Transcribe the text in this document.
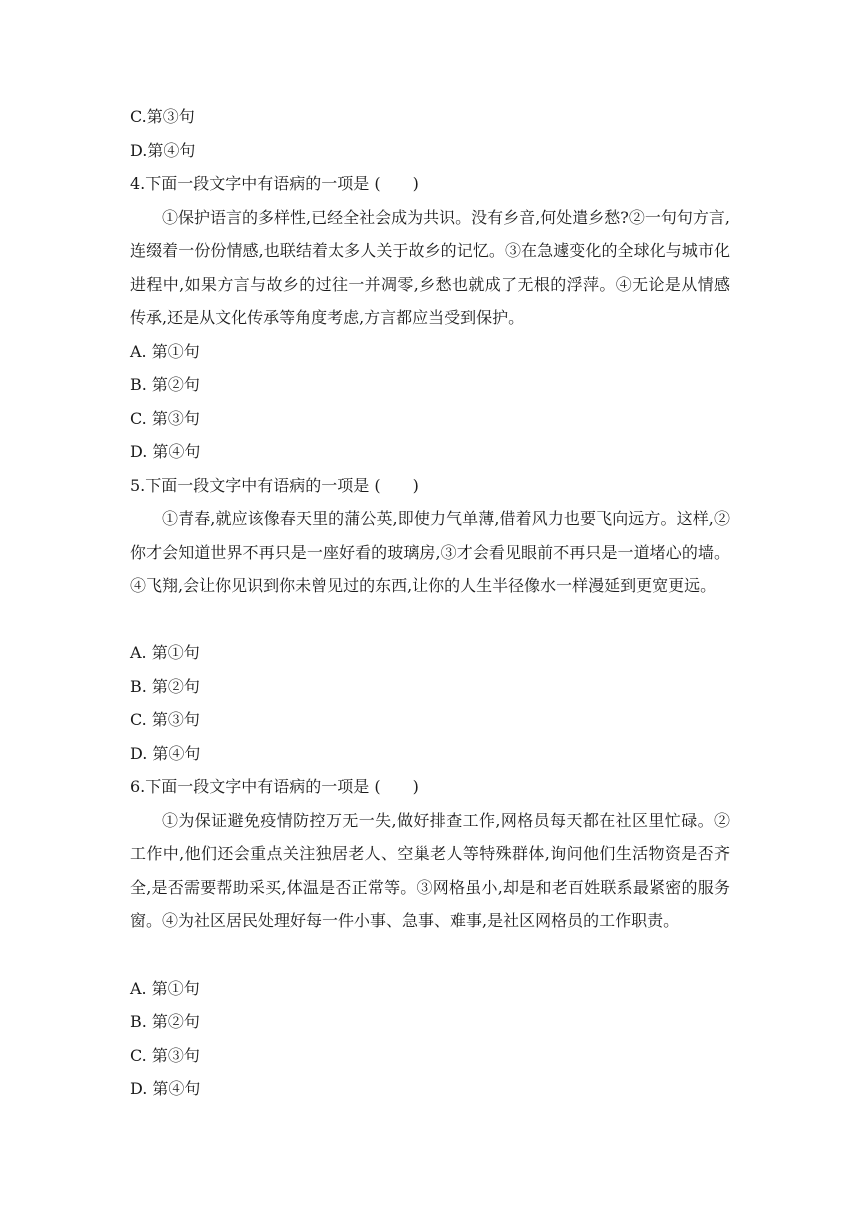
C.第③句
D.第④句
4.下面一段文字中有语病的一项是 (　　)
①保护语言的多样性,已经全社会成为共识。没有乡音,何处遣乡愁?②一句句方言,连缀着一份份情感,也联结着太多人关于故乡的记忆。③在急遽变化的全球化与城市化进程中,如果方言与故乡的过往一并凋零,乡愁也就成了无根的浮萍。④无论是从情感传承,还是从文化传承等角度考虑,方言都应当受到保护。
A. 第①句
B. 第②句
C. 第③句
D. 第④句
5.下面一段文字中有语病的一项是 (　　)
①青春,就应该像春天里的蒲公英,即使力气单薄,借着风力也要飞向远方。这样,②你才会知道世界不再只是一座好看的玻璃房,③才会看见眼前不再只是一道堵心的墙。④飞翔,会让你见识到你未曾见过的东西,让你的人生半径像水一样漫延到更宽更远。
A. 第①句
B. 第②句
C. 第③句
D. 第④句
6.下面一段文字中有语病的一项是 (　　)
①为保证避免疫情防控万无一失,做好排查工作,网格员每天都在社区里忙碌。②工作中,他们还会重点关注独居老人、空巢老人等特殊群体,询问他们生活物资是否齐全,是否需要帮助采买,体温是否正常等。③网格虽小,却是和老百姓联系最紧密的服务窗。④为社区居民处理好每一件小事、急事、难事,是社区网格员的工作职责。
A. 第①句
B. 第②句
C. 第③句
D. 第④句
